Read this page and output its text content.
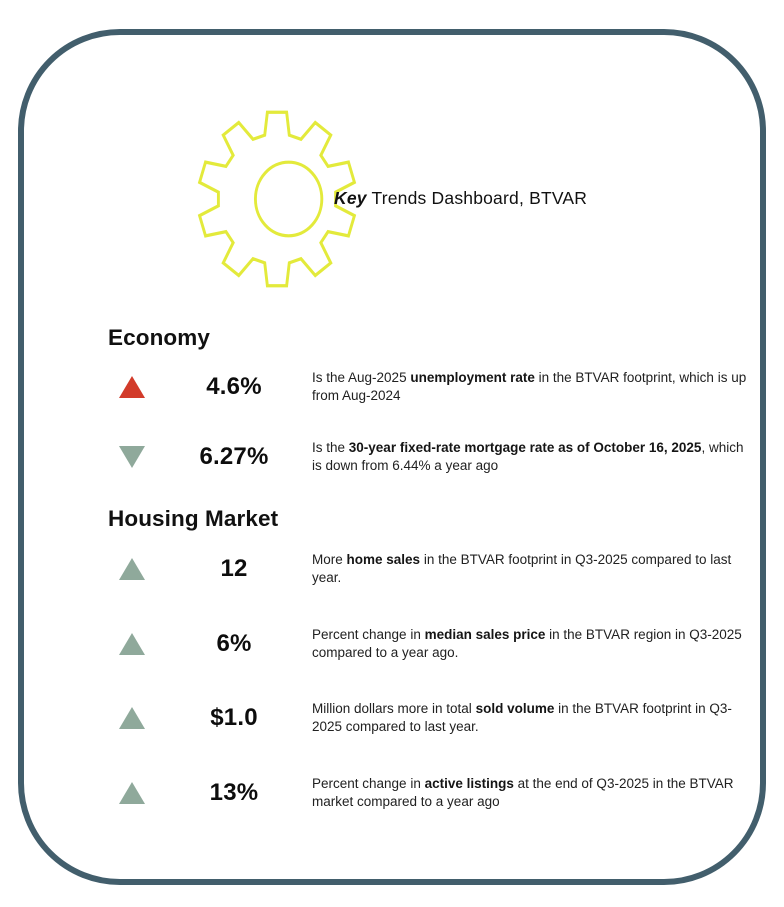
Key Trends Dashboard, BTVAR
Economy
4.6%	Is the Aug-2025 unemployment rate in the BTVAR footprint, which is up from Aug-2024
6.27%	Is the 30-year fixed-rate mortgage rate as of October 16, 2025, which is down from 6.44% a year ago
Housing Market
12	More home sales in the BTVAR footprint in Q3-2025 compared to last year.
6%	Percent change in median sales price in the BTVAR region in Q3-2025 compared to a year ago.
$1.0	Million dollars more in total sold volume in the BTVAR footprint in Q3-2025 compared to last year.
13%	Percent change in active listings at the end of Q3-2025 in the BTVAR market compared to a year ago
